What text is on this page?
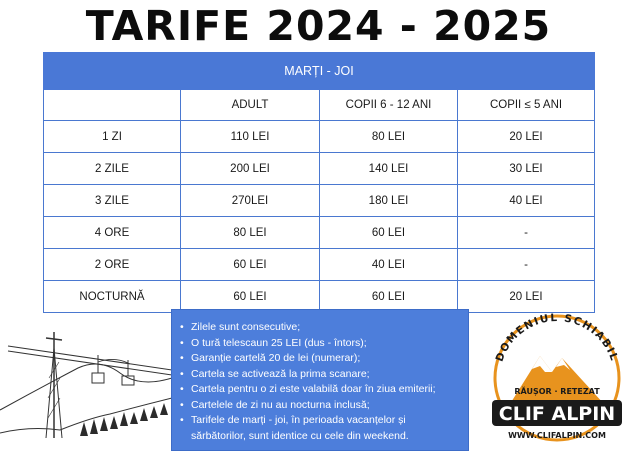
TARIFE 2024 - 2025
MARȚI - JOI			
	ADULT	COPII 6 - 12 ANI	COPII ≤ 5 ANI
1 ZI	110 LEI	80 LEI	20 LEI
2 ZILE	200 LEI	140 LEI	30 LEI
3 ZILE	270LEI	180 LEI	40 LEI
4 ORE	80 LEI	60 LEI	-
2 ORE	60 LEI	40 LEI	-
NOCTURNĂ	60 LEI	60 LEI	20 LEI
• Zilele sunt consecutive;
• O tură telescaun 25 LEI (dus - întors);
• Garanție cartelă 20 de lei (numerar);
• Cartela se activează la prima scanare;
• Cartela pentru o zi este valabilă doar în ziua emiterii;
• Cartelele de zi nu au nocturna inclusă;
• Tarifele de marți - joi, în perioada vacanțelor și sărbătorilor, sunt identice cu cele din weekend.
DOMENIUL SCHIABIL
RĂUȘOR · RETEZAT
CLIF ALPIN
WWW.CLIFALPIN.COM
